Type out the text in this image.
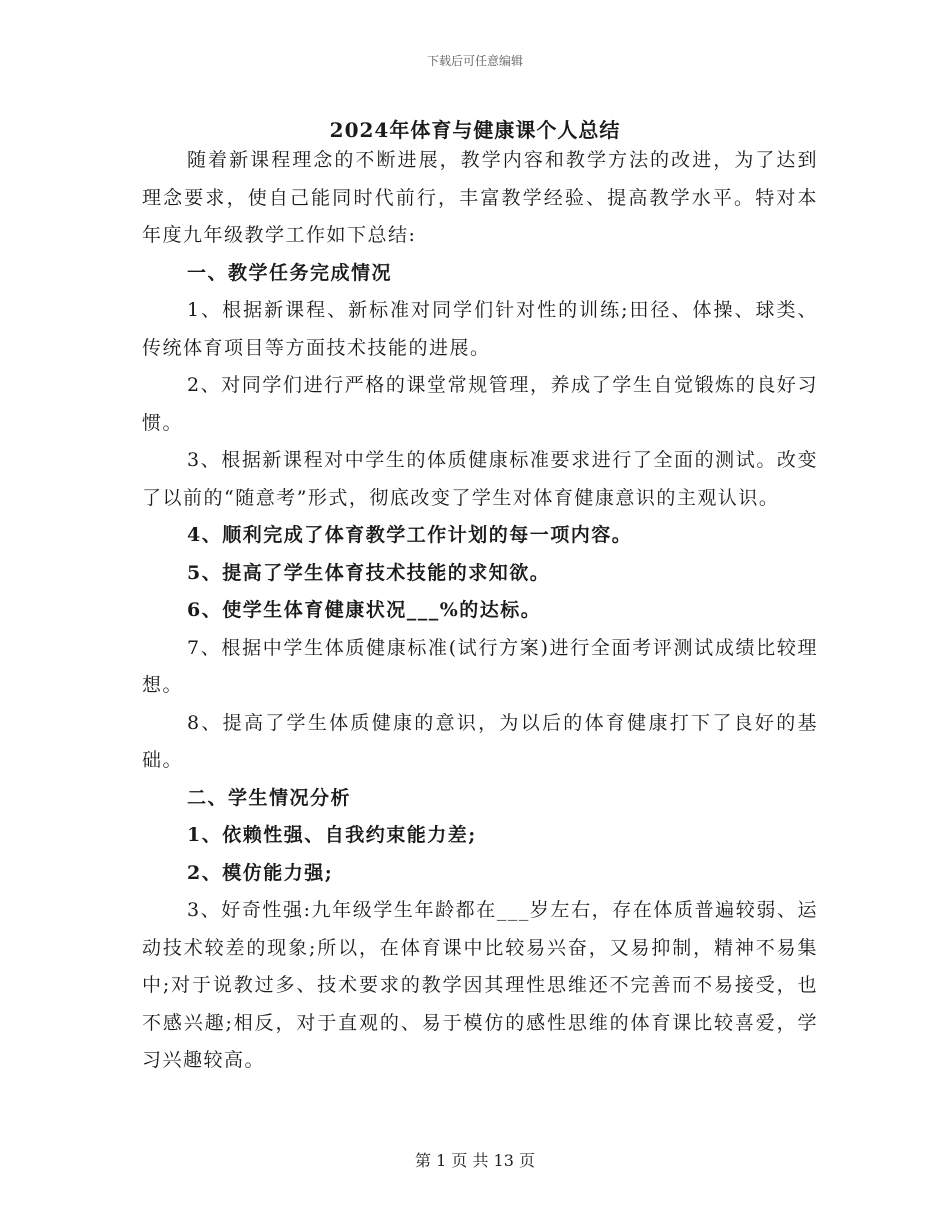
下载后可任意编辑
2024年体育与健康课个人总结

随着新课程理念的不断进展，教学内容和教学方法的改进，为了达到理念要求，使自己能同时代前行，丰富教学经验、提高教学水平。特对本年度九年级教学工作如下总结:

一、教学任务完成情况

1、根据新课程、新标准对同学们针对性的训练;田径、体操、球类、传统体育项目等方面技术技能的进展。

2、对同学们进行严格的课堂常规管理，养成了学生自觉锻炼的良好习惯。

3、根据新课程对中学生的体质健康标准要求进行了全面的测试。改变了以前的“随意考”形式，彻底改变了学生对体育健康意识的主观认识。

4、顺利完成了体育教学工作计划的每一项内容。

5、提高了学生体育技术技能的求知欲。

6、使学生体育健康状况___%的达标。

7、根据中学生体质健康标准(试行方案)进行全面考评测试成绩比较理想。

8、提高了学生体质健康的意识，为以后的体育健康打下了良好的基础。

二、学生情况分析

1、依赖性强、自我约束能力差;

2、模仿能力强;

3、好奇性强:九年级学生年龄都在___岁左右，存在体质普遍较弱、运动技术较差的现象;所以，在体育课中比较易兴奋，又易抑制，精神不易集中;对于说教过多、技术要求的教学因其理性思维还不完善而不易接受，也不感兴趣;相反，对于直观的、易于模仿的感性思维的体育课比较喜爱，学习兴趣较高。

第 1 页 共 13 页
